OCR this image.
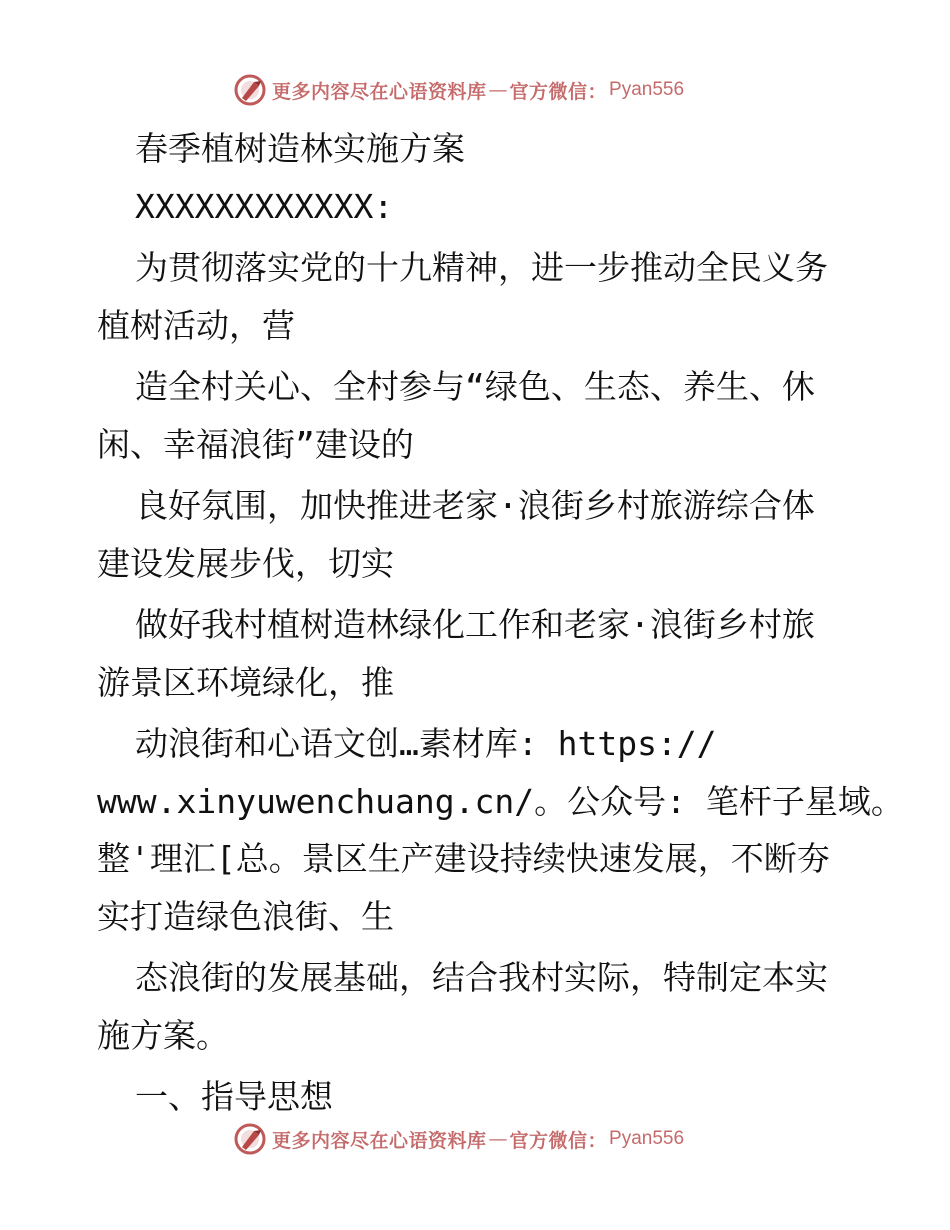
更多内容尽在心语资料库 — 官方微信： Pyan556

春季植树造林实施方案

XXXXXXXXXXXX:

为贯彻落实党的十九精神，进一步推动全民义务

植树活动，营

造全村关心、全村参与“绿色、生态、养生、休

闲、幸福浪街”建设的

良好氛围，加快推进老家·浪街乡村旅游综合体

建设发展步伐，切实

做好我村植树造林绿化工作和老家·浪街乡村旅

游景区环境绿化，推

动浪街和心语文创…素材库: https://

www.xinyuwenchuang.cn/。公众号: 笔杆子星域。

整'理汇[总。景区生产建设持续快速发展，不断夯

实打造绿色浪街、生

态浪街的发展基础，结合我村实际，特制定本实

施方案。

一、指导思想

更多内容尽在心语资料库 — 官方微信： Pyan556
